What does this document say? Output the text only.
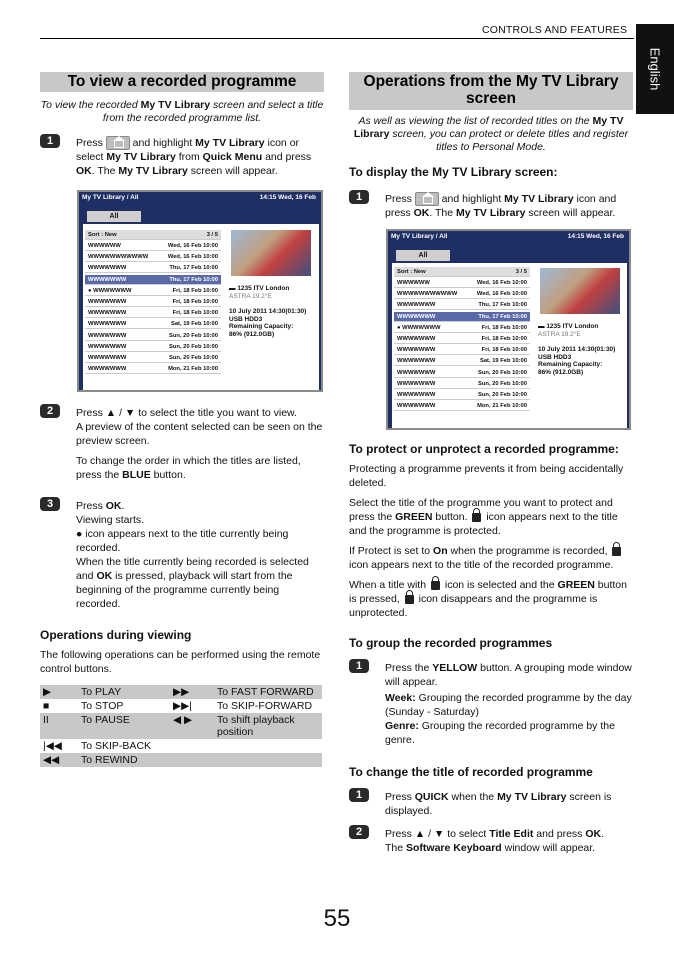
CONTROLS AND FEATURES
English
To view a recorded programme
To view the recorded My TV Library screen and select a title from the recorded programme list.
1	Press  and highlight My TV Library icon or select My TV Library from Quick Menu and press OK. The My TV Library screen will appear.
My TV Library / All	14:15 Wed, 16 Feb
All
Sort : New	3 / 5
WWWWWW	Wed, 16 Feb 10:00
WWWWWWWWWWW	Wed, 16 Feb 10:00
WWWWWWW	Thu, 17 Feb 10:00
WWWWWWW	Thu, 17 Feb 10:00
● WWWWWWW	Fri, 18 Feb 10:00
WWWWWWW	Fri, 18 Feb 10:00
WWWWWWW	Fri, 18 Feb 10:00
WWWWWWW	Sat, 19 Feb 10:00
WWWWWWW	Sun, 20 Feb 10:00
WWWWWWW	Sun, 20 Feb 10:00
WWWWWWW	Sun, 20 Feb 10:00
WWWWWWW	Mon, 21 Feb 10:00
▬ 1235 ITV London
ASTRA 19.2°E
10 July 2011 14:30(01:30)
USB HDD3
Remaining Capacity:
86% (912.0GB)
2	Press ▲ / ▼ to select the title you want to view.
A preview of the content selected can be seen on the preview screen.
To change the order in which the titles are listed, press the BLUE button.
3	Press OK.
Viewing starts.
● icon appears next to the title currently being recorded.
When the title currently being recorded is selected and OK is pressed, playback will start from the beginning of the programme currently being recorded.
Operations during viewing
The following operations can be performed using the remote control buttons.
▶	To PLAY	▶▶	To FAST FORWARD
■	To STOP	▶▶|	To SKIP-FORWARD
II	To PAUSE	◀ ▶	To shift playback position
|◀◀	To SKIP-BACK		
◀◀	To REWIND		
Operations from the My TV Library screen
As well as viewing the list of recorded titles on the My TV Library screen, you can protect or delete titles and register titles to Personal Mode.
To display the My TV Library screen:
1	Press  and highlight My TV Library icon and press OK. The My TV Library screen will appear.
My TV Library / All	14:15 Wed, 16 Feb
All
Sort : New	3 / 5
WWWWWW	Wed, 16 Feb 10:00
WWWWWWWWWWW	Wed, 16 Feb 10:00
WWWWWWW	Thu, 17 Feb 10:00
WWWWWWW	Thu, 17 Feb 10:00
● WWWWWWW	Fri, 18 Feb 10:00
WWWWWWW	Fri, 18 Feb 10:00
WWWWWWW	Fri, 18 Feb 10:00
WWWWWWW	Sat, 19 Feb 10:00
WWWWWWW	Sun, 20 Feb 10:00
WWWWWWW	Sun, 20 Feb 10:00
WWWWWWW	Sun, 20 Feb 10:00
WWWWWWW	Mon, 21 Feb 10:00
▬ 1235 ITV London
ASTRA 19.2°E
10 July 2011 14:30(01:30)
USB HDD3
Remaining Capacity:
86% (912.0GB)
To protect or unprotect a recorded programme:
Protecting a programme prevents it from being accidentally deleted.
Select the title of the programme you want to protect and press the GREEN button.  icon appears next to the title and the programme is protected.
If Protect is set to On when the programme is recorded,  icon appears next to the title of the recorded programme.
When a title with  icon is selected and the GREEN button is pressed,  icon disappears and the programme is unprotected.
To group the recorded programmes
1	Press the YELLOW button. A grouping mode window will appear.
Week: Grouping the recorded programme by the day (Sunday - Saturday)
Genre: Grouping the recorded programme by the genre.
To change the title of recorded programme
1	Press QUICK when the My TV Library screen is displayed.
2	Press ▲ / ▼ to select Title Edit and press OK.
The Software Keyboard window will appear.
55
